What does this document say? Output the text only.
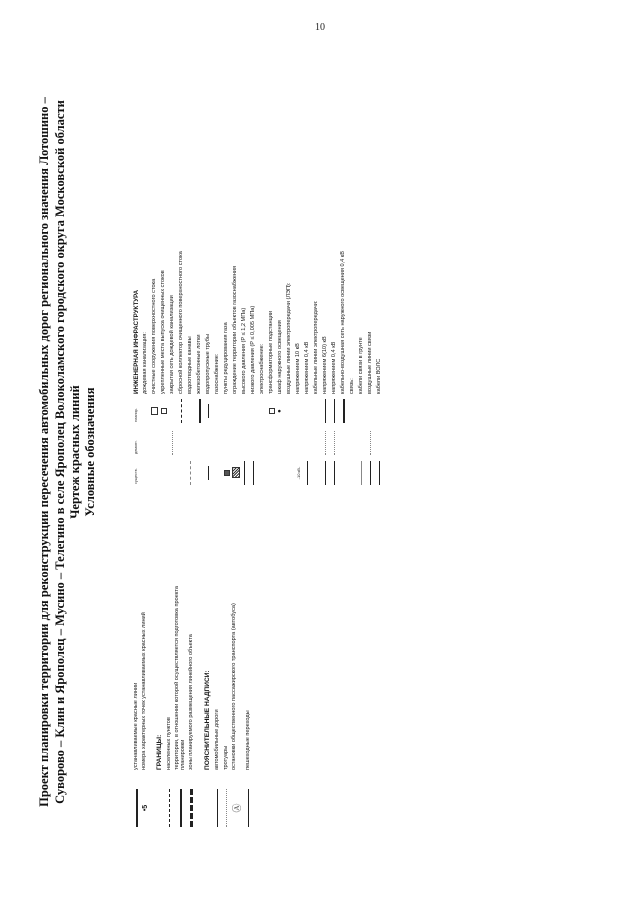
10
Проект планировки территории для реконструкции пересечения автомобильных дорог регионального значения Лотошино – Суворово – Клин и Ярополец – Мусино – Телегино в селе Ярополец Волоколамского городского округа Московской области Чертеж красных линий Условные обозначения
устанавливаемые красные линии
•5
номера характерных точек устанавливаемых красных линий	ГРАНИЦЫ: населенных пунктов территории, в отношении которой осуществляется подготовка проекта планировки зоны планируемого размещения линейного объекта	ПОЯСНИТЕЛЬНЫЕ НАДПИСИ: автомобильные дороги тротуары
Ⓐ
остановки общественного пассажирского транспорта (автобуса) пешеходные переходы
существ.
демонт.
планир.
ИНЖЕНЕРНАЯ ИНФРАСТРУКТУРА дождевая канализация: очистные сооружения поверхностного стока укрепленные места выпуска очищенных стоков закрытая сеть дождевой канализации сбросной коллектор очищенного поверхностного стока водоотводные канавы железобетонные лотки водопропускные трубы газоснабжение: пункты редуцирования газа ограждение территории объектов газоснабжения высокого давления (P ≤ 1,2 МПа) низкого давления (P ≤ 0,005 МПа) электроснабжение: трансформаторные подстанции
●
шкаф наружного освещения воздушные линии электропередачи (ЛЭП):
-
10 кВ
-
напряжением 10 кВ напряжением 0,4 кВ кабельные линии электропередачи: напряжением 6(10) кВ напряжением 0,4 кВ кабельно-воздушная сеть наружного освещения 0,4 кВ связь: кабели связи в грунте воздушные линии связи кабели ВОЛС
